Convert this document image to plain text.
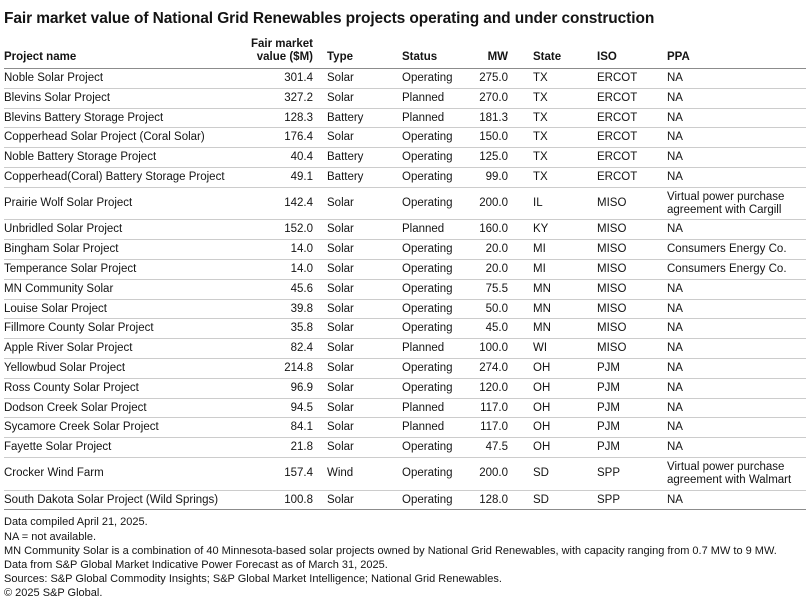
Fair market value of National Grid Renewables projects operating and under construction
Project name	Fair market value ($M)	Type	Status	MW	State	ISO	PPA
Noble Solar Project	301.4	Solar	Operating	275.0	TX	ERCOT	NA
Blevins Solar Project	327.2	Solar	Planned	270.0	TX	ERCOT	NA
Blevins Battery Storage Project	128.3	Battery	Planned	181.3	TX	ERCOT	NA
Copperhead Solar Project (Coral Solar)	176.4	Solar	Operating	150.0	TX	ERCOT	NA
Noble Battery Storage Project	40.4	Battery	Operating	125.0	TX	ERCOT	NA
Copperhead(Coral) Battery Storage Project	49.1	Battery	Operating	99.0	TX	ERCOT	NA
Prairie Wolf Solar Project	142.4	Solar	Operating	200.0	IL	MISO	Virtual power purchase agreement with Cargill
Unbridled Solar Project	152.0	Solar	Planned	160.0	KY	MISO	NA
Bingham Solar Project	14.0	Solar	Operating	20.0	MI	MISO	Consumers Energy Co.
Temperance Solar Project	14.0	Solar	Operating	20.0	MI	MISO	Consumers Energy Co.
MN Community Solar	45.6	Solar	Operating	75.5	MN	MISO	NA
Louise Solar Project	39.8	Solar	Operating	50.0	MN	MISO	NA
Fillmore County Solar Project	35.8	Solar	Operating	45.0	MN	MISO	NA
Apple River Solar Project	82.4	Solar	Planned	100.0	WI	MISO	NA
Yellowbud Solar Project	214.8	Solar	Operating	274.0	OH	PJM	NA
Ross County Solar Project	96.9	Solar	Operating	120.0	OH	PJM	NA
Dodson Creek Solar Project	94.5	Solar	Planned	117.0	OH	PJM	NA
Sycamore Creek Solar Project	84.1	Solar	Planned	117.0	OH	PJM	NA
Fayette Solar Project	21.8	Solar	Operating	47.5	OH	PJM	NA
Crocker Wind Farm	157.4	Wind	Operating	200.0	SD	SPP	Virtual power purchase agreement with Walmart
South Dakota Solar Project (Wild Springs)	100.8	Solar	Operating	128.0	SD	SPP	NA
Data compiled April 21, 2025.
NA = not available.
MN Community Solar is a combination of 40 Minnesota-based solar projects owned by National Grid Renewables, with capacity ranging from 0.7 MW to 9 MW.
Data from S&P Global Market Indicative Power Forecast as of March 31, 2025.
Sources: S&P Global Commodity Insights; S&P Global Market Intelligence; National Grid Renewables.
© 2025 S&P Global.
